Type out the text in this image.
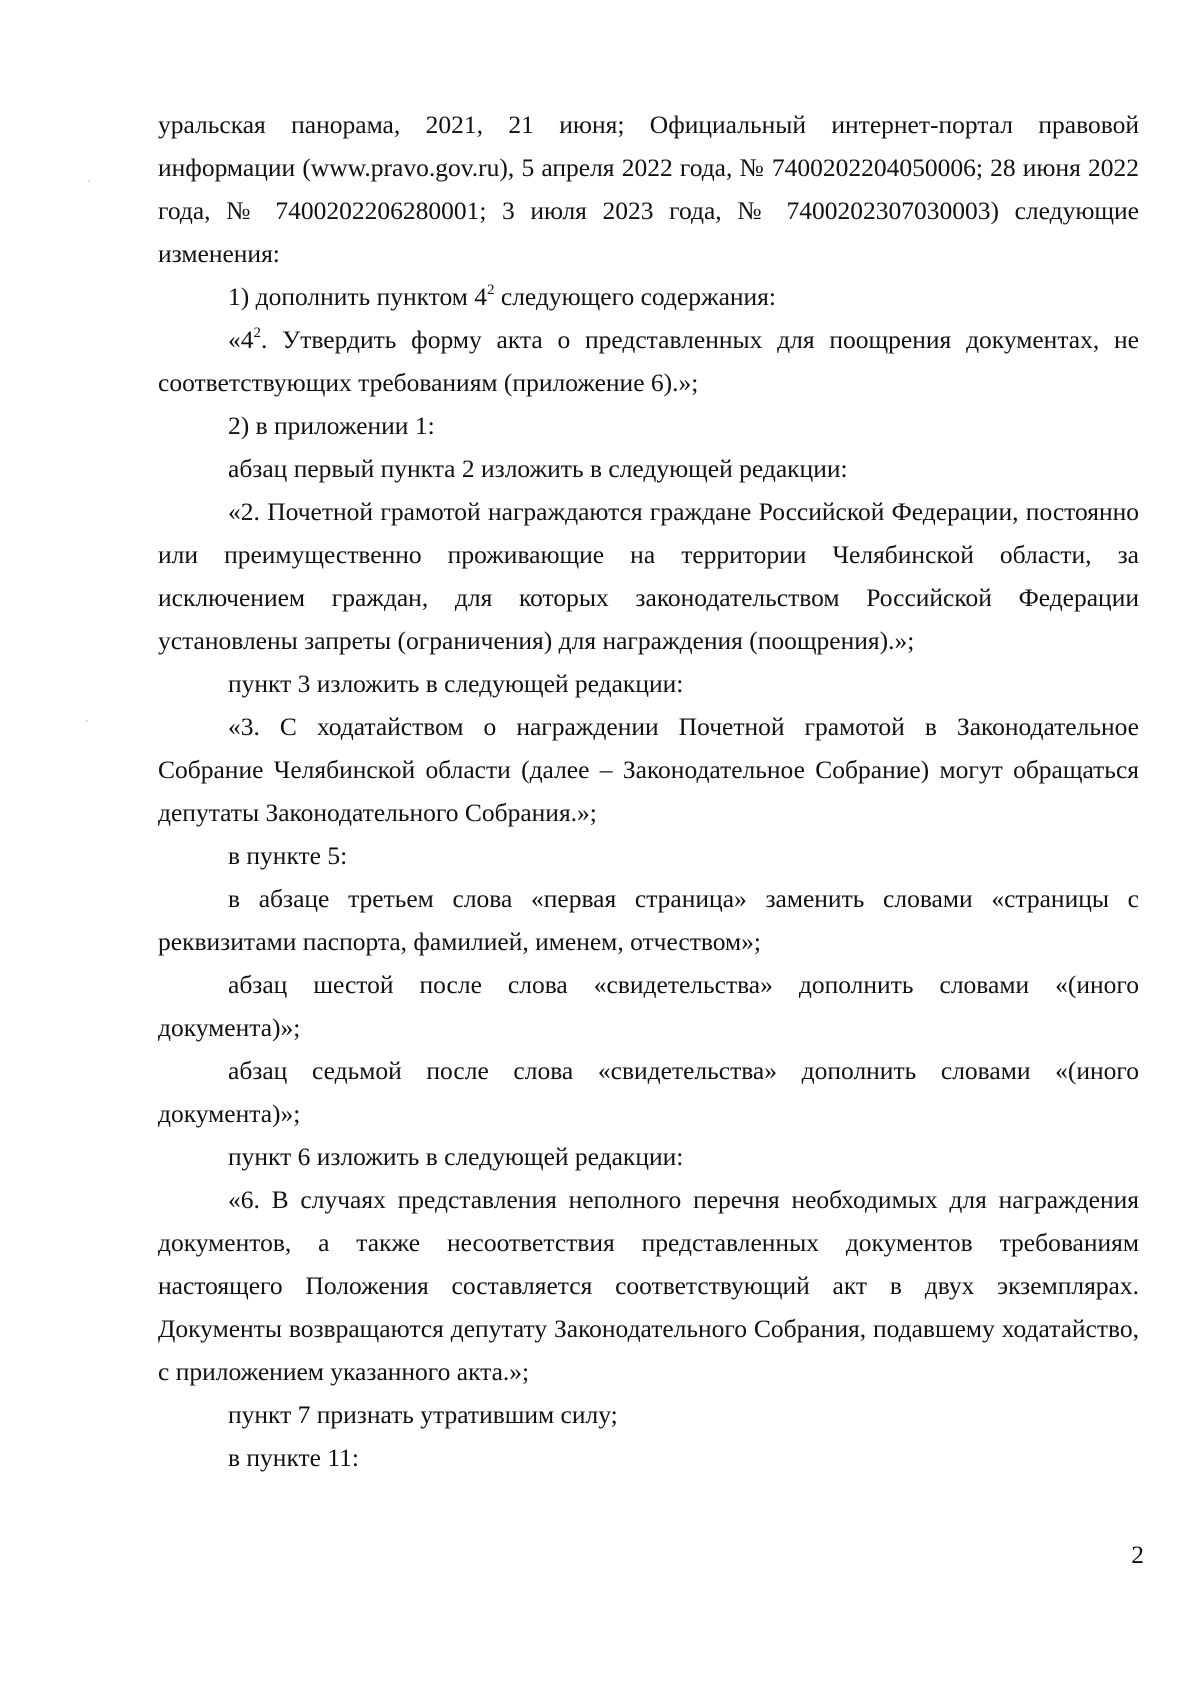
уральская панорама, 2021, 21 июня; Официальный интернет-портал правовой информации (www.pravo.gov.ru), 5 апреля 2022 года, № 7400202204050006; 28 июня 2022 года, № 7400202206280001; 3 июля 2023 года, № 7400202307030003) следующие изменения:

1) дополнить пунктом $4^2$ следующего содержания:

«$4^2$. Утвердить форму акта о представленных для поощрения документах, не соответствующих требованиям (приложение 6).»;

2) в приложении 1:

абзац первый пункта 2 изложить в следующей редакции:

«2. Почетной грамотой награждаются граждане Российской Федерации, постоянно или преимущественно проживающие на территории Челябинской области, за исключением граждан, для которых законодательством Российской Федерации установлены запреты (ограничения) для награждения (поощрения).»;

пункт 3 изложить в следующей редакции:

«3. С ходатайством о награждении Почетной грамотой в Законодательное Собрание Челябинской области (далее – Законодательное Собрание) могут обращаться депутаты Законодательного Собрания.»;

в пункте 5:

в абзаце третьем слова «первая страница» заменить словами «страницы с реквизитами паспорта, фамилией, именем, отчеством»;

абзац шестой после слова «свидетельства» дополнить словами «(иного документа)»;

абзац седьмой после слова «свидетельства» дополнить словами «(иного документа)»;

пункт 6 изложить в следующей редакции:

«6. В случаях представления неполного перечня необходимых для награждения документов, а также несоответствия представленных документов требованиям настоящего Положения составляется соответствующий акт в двух экземплярах. Документы возвращаются депутату Законодательного Собрания, подавшему ходатайство, с приложением указанного акта.»;

пункт 7 признать утратившим силу;

в пункте 11:

2
